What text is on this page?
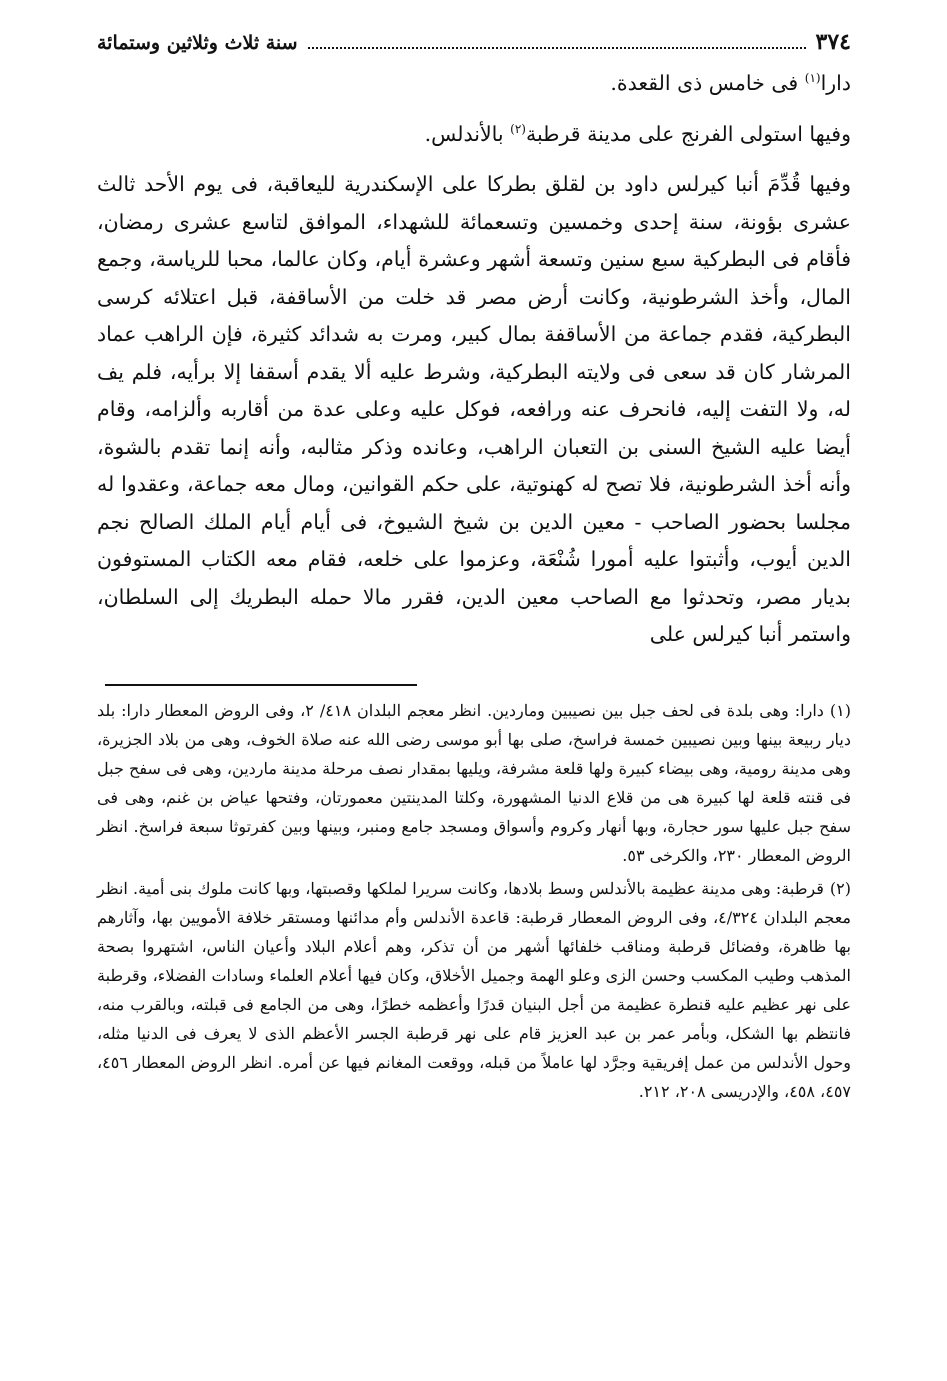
٣٧٤
سنة ثلاث وثلاثين وستمائة

دارا$^{(١)}$ فى خامس ذى القعدة.

وفيها استولى الفرنج على مدينة قرطبة$^{(٢)}$ بالأندلس.

وفيها قُدِّمَ أنبا كيرلس داود بن لقلق بطركا على الإسكندرية لليعاقبة، فى يوم الأحد ثالث عشرى بؤونة، سنة إحدى وخمسين وتسعمائة للشهداء، الموافق لتاسع عشرى رمضان، فأقام فى البطركية سبع سنين وتسعة أشهر وعشرة أيام، وكان عالما، محبا للرياسة، وجمع المال، وأخذ الشرطونية، وكانت أرض مصر قد خلت من الأساقفة، قبل اعتلائه كرسى البطركية، فقدم جماعة من الأساقفة بمال كبير، ومرت به شدائد كثيرة، فإن الراهب عماد المرشار كان قد سعى فى ولايته البطركية، وشرط عليه ألا يقدم أسقفا إلا برأيه، فلم يف له، ولا التفت إليه، فانحرف عنه ورافعه، فوكل عليه وعلى عدة من أقاربه وألزامه، وقام أيضا عليه الشيخ السنى بن التعبان الراهب، وعانده وذكر مثالبه، وأنه إنما تقدم بالشوة، وأنه أخذ الشرطونية، فلا تصح له كهنوتية، على حكم القوانين، ومال معه جماعة، وعقدوا له مجلسا بحضور الصاحب - معين الدين بن شيخ الشيوخ، فى أيام أيام الملك الصالح نجم الدين أيوب، وأثبتوا عليه أمورا شُنْعَة، وعزموا على خلعه، فقام معه الكتاب المستوفون بديار مصر، وتحدثوا مع الصاحب معين الدين، فقرر مالا حمله البطريك إلى السلطان، واستمر أنبا كيرلس على

(١)دارا: وهى بلدة فى لحف جبل بين نصيبين وماردين. انظر معجم البلدان ٤١٨/ ٢، وفى الروض المعطار دارا: بلد ديار ربيعة بينها وبين نصيبين خمسة فراسخ، صلى بها أبو موسى رضى الله عنه صلاة الخوف، وهى من بلاد الجزيرة، وهى مدينة رومية، وهى بيضاء كبيرة ولها قلعة مشرفة، ويليها بمقدار نصف مرحلة مدينة ماردين، وهى فى سفح جبل فى قنته قلعة لها كبيرة هى من قلاع الدنيا المشهورة، وكلتا المدينتين معمورتان، وفتحها عياض بن غنم، وهى فى سفح جبل عليها سور حجارة، وبها أنهار وكروم وأسواق ومسجد جامع ومنبر، وبينها وبين كفرتوثا سبعة فراسخ. انظر الروض المعطار ٢٣٠، والكرخى ٥٣.

(٢)قرطبة: وهى مدينة عظيمة بالأندلس وسط بلادها، وكانت سريرا لملكها وقصبتها، وبها كانت ملوك بنى أمية. انظر معجم البلدان ٤/٣٢٤، وفى الروض المعطار قرطبة: قاعدة الأندلس وأم مدائنها ومستقر خلافة الأمويين بها، وآثارهم بها ظاهرة، وفضائل قرطبة ومناقب خلفائها أشهر من أن تذكر، وهم أعلام البلاد وأعيان الناس، اشتهروا بصحة المذهب وطيب المكسب وحسن الزى وعلو الهمة وجميل الأخلاق، وكان فيها أعلام العلماء وسادات الفضلاء، وقرطبة على نهر عظيم عليه قنطرة عظيمة من أجل البنيان قدرًا وأعظمه خطرًا، وهى من الجامع فى قبلته، وبالقرب منه، فانتظم بها الشكل، وبأمر عمر بن عبد العزيز قام على نهر قرطبة الجسر الأعظم الذى لا يعرف فى الدنيا مثله، وحول الأندلس من عمل إفريقية وجرَّد لها عاملاً من قبله، ووقعت المغانم فيها عن أمره. انظر الروض المعطار ٤٥٦، ٤٥٧، ٤٥٨، والإدريسى ٢٠٨، ٢١٢.
